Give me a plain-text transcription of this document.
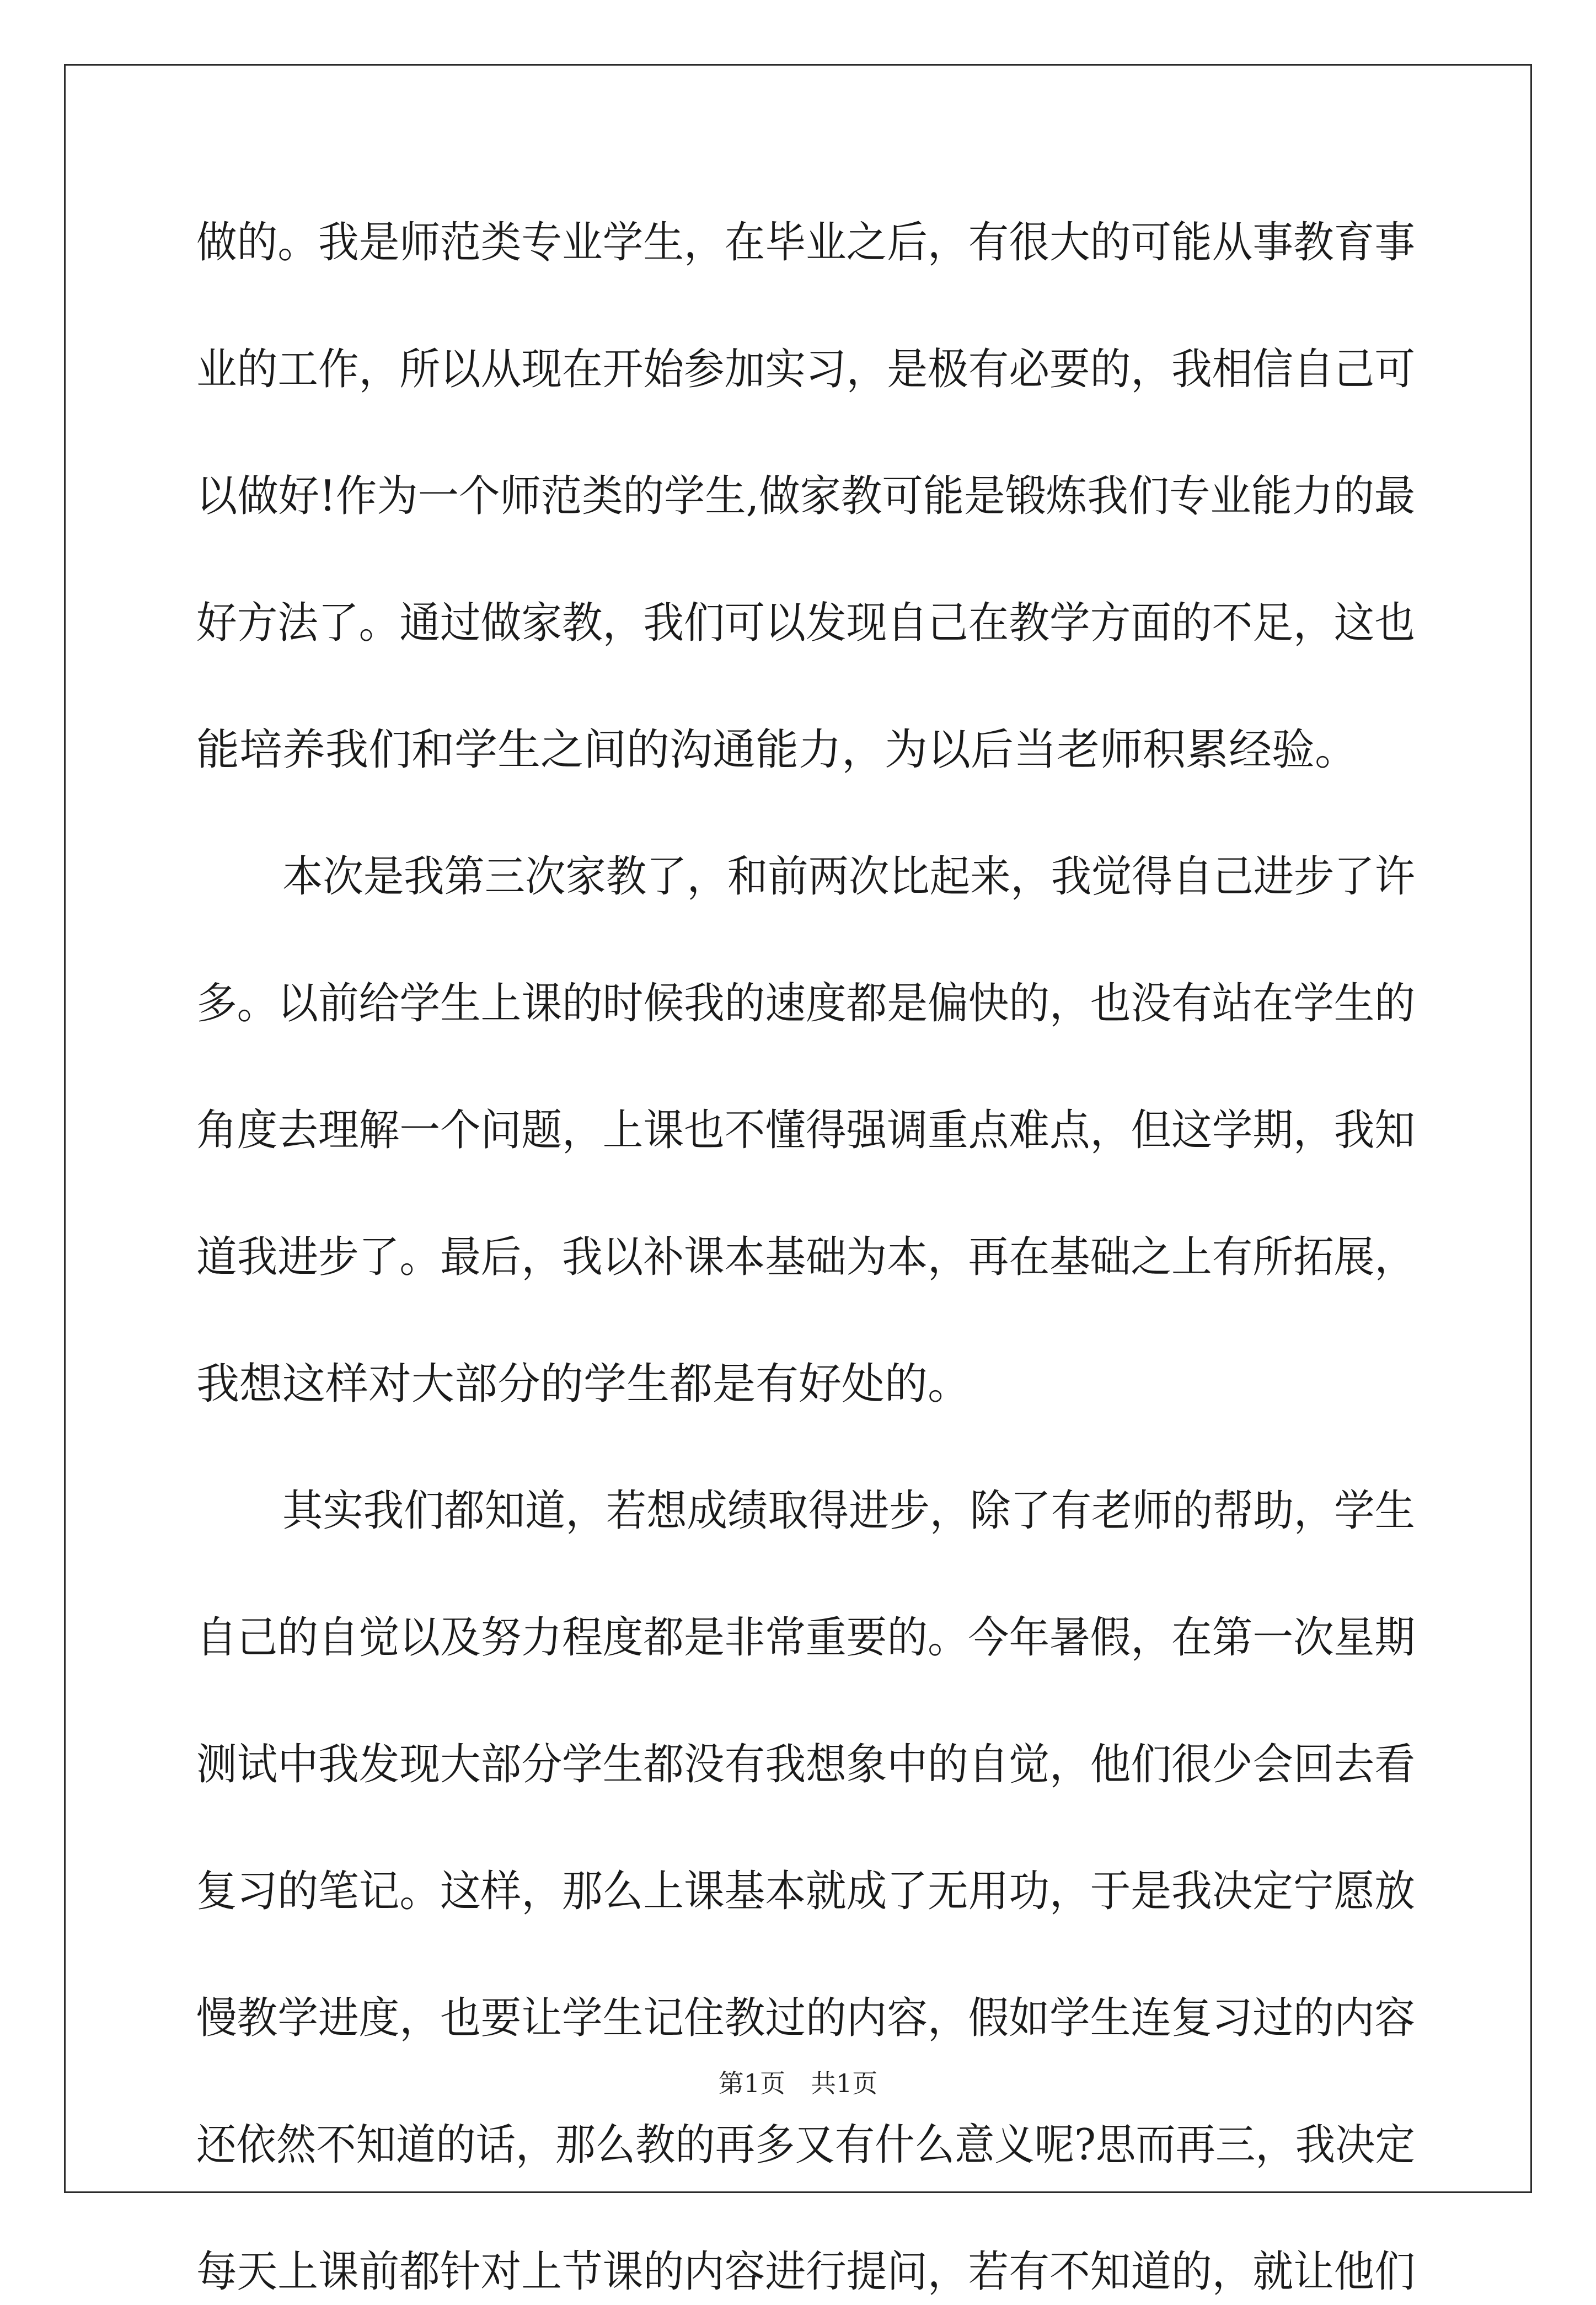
做的。我是师范类专业学生，在毕业之后，有很大的可能从事教育事
业的工作，所以从现在开始参加实习，是极有必要的，我相信自己可
以做好!作为一个师范类的学生,做家教可能是锻炼我们专业能力的最
好方法了。通过做家教，我们可以发现自己在教学方面的不足，这也
能培养我们和学生之间的沟通能力，为以后当老师积累经验。
本次是我第三次家教了，和前两次比起来，我觉得自己进步了许
多。以前给学生上课的时候我的速度都是偏快的，也没有站在学生的
角度去理解一个问题，上课也不懂得强调重点难点，但这学期，我知
道我进步了。最后，我以补课本基础为本，再在基础之上有所拓展，
我想这样对大部分的学生都是有好处的。
其实我们都知道，若想成绩取得进步，除了有老师的帮助，学生
自己的自觉以及努力程度都是非常重要的。今年暑假，在第一次星期
测试中我发现大部分学生都没有我想象中的自觉，他们很少会回去看
复习的笔记。这样，那么上课基本就成了无用功，于是我决定宁愿放
慢教学进度，也要让学生记住教过的内容，假如学生连复习过的内容
还依然不知道的话，那么教的再多又有什么意义呢?思而再三，我决定
每天上课前都针对上节课的内容进行提问，若有不知道的，就让他们
第1页 共1页
